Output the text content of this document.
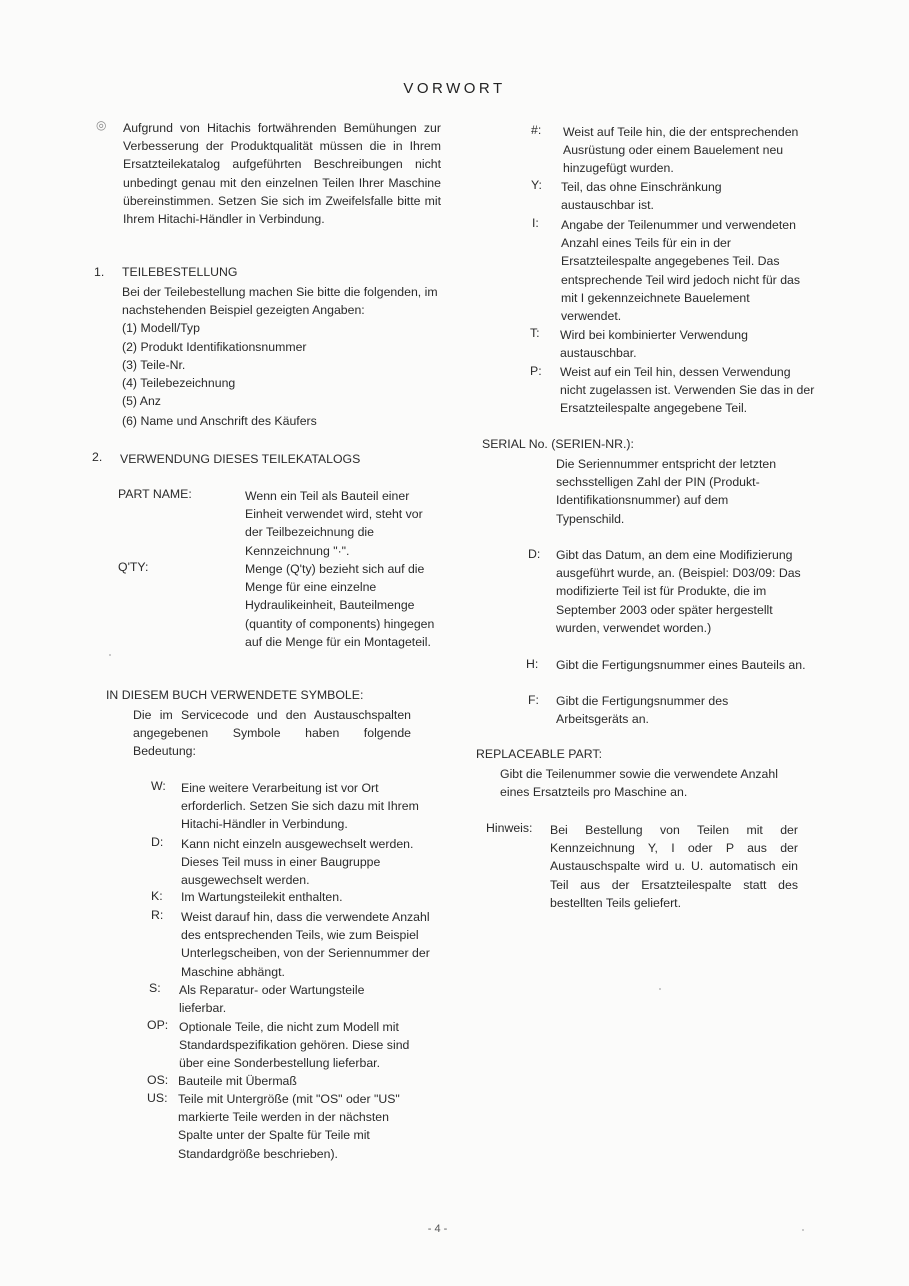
VORWORT
◎ Aufgrund von Hitachis fortwährenden Bemühungen zur Verbesserung der Produktqualität müssen die in Ihrem Ersatzteilekatalog aufgeführten Beschreibungen nicht unbedingt genau mit den einzelnen Teilen Ihrer Maschine übereinstimmen. Setzen Sie sich im Zweifelsfalle bitte mit Ihrem Hitachi-Händler in Verbindung.
1. TEILEBESTELLUNG
Bei der Teilebestellung machen Sie bitte die folgenden, im nachstehenden Beispiel gezeigten Angaben:
(1) Modell/Typ
(2) Produkt Identifikationsnummer
(3) Teile-Nr.
(4) Teilebezeichnung
(5) Anz
(6) Name und Anschrift des Käufers
2. VERWENDUNG DIESES TEILEKATALOGS
PART NAME:	Wenn ein Teil als Bauteil einer Einheit verwendet wird, steht vor der Teilbezeichnung die Kennzeichnung "·".
Q'TY:	Menge (Q'ty) bezieht sich auf die Menge für eine einzelne Hydraulikeinheit, Bauteilmenge (quantity of components) hingegen auf die Menge für ein Montageteil.
IN DIESEM BUCH VERWENDETE SYMBOLE:
Die im Servicecode und den Austauschspalten angegebenen Symbole haben folgende Bedeutung:
W: Eine weitere Verarbeitung ist vor Ort erforderlich. Setzen Sie sich dazu mit Ihrem Hitachi-Händler in Verbindung.
D: Kann nicht einzeln ausgewechselt werden. Dieses Teil muss in einer Baugruppe ausgewechselt werden.
K: Im Wartungsteilekit enthalten.
R: Weist darauf hin, dass die verwendete Anzahl des entsprechenden Teils, wie zum Beispiel Unterlegscheiben, von der Seriennummer der Maschine abhängt.
S: Als Reparatur- oder Wartungsteile lieferbar.
OP: Optionale Teile, die nicht zum Modell mit Standardspezifikation gehören. Diese sind über eine Sonderbestellung lieferbar.
OS: Bauteile mit Übermaß
US: Teile mit Untergröße (mit "OS" oder "US" markierte Teile werden in der nächsten Spalte unter der Spalte für Teile mit Standardgröße beschrieben).
#: Weist auf Teile hin, die der entsprechenden Ausrüstung oder einem Bauelement neu hinzugefügt wurden.
Y: Teil, das ohne Einschränkung austauschbar ist.
I: Angabe der Teilenummer und verwendeten Anzahl eines Teils für ein in der Ersatzteilespalte angegebenes Teil. Das entsprechende Teil wird jedoch nicht für das mit I gekennzeichnete Bauelement verwendet.
T: Wird bei kombinierter Verwendung austauschbar.
P: Weist auf ein Teil hin, dessen Verwendung nicht zugelassen ist. Verwenden Sie das in der Ersatzteilespalte angegebene Teil.
SERIAL No. (SERIEN-NR.):
Die Seriennummer entspricht der letzten sechsstelligen Zahl der PIN (Produkt-Identifikationsnummer) auf dem Typenschild.
D: Gibt das Datum, an dem eine Modifizierung ausgeführt wurde, an. (Beispiel: D03/09: Das modifizierte Teil ist für Produkte, die im September 2003 oder später hergestellt wurden, verwendet worden.)
H: Gibt die Fertigungsnummer eines Bauteils an.
F: Gibt die Fertigungsnummer des Arbeitsgeräts an.
REPLACEABLE PART:
Gibt die Teilenummer sowie die verwendete Anzahl eines Ersatzteils pro Maschine an.
Hinweis: Bei Bestellung von Teilen mit der Kennzeichnung Y, I oder P aus der Austauschspalte wird u. U. automatisch ein Teil aus der Ersatzteilespalte statt des bestellten Teils geliefert.
- 4 -
